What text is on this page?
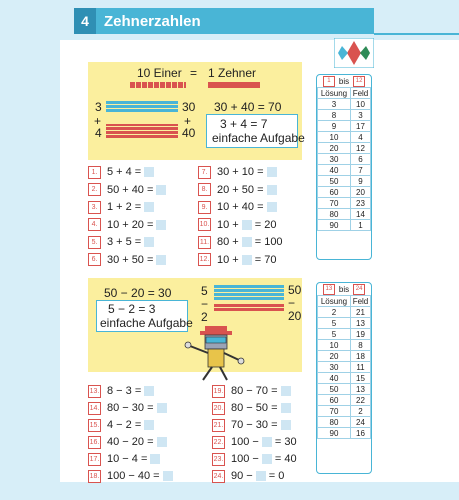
4	Zehnerzahlen
10 Einer = 1 Zehner
3
+
4
30
+
40
30 + 40 = 70
3 + 4 = 7
einfache Aufgabe
1. 5 + 4 =
2. 50 + 40 =
3. 1 + 2 =
4. 10 + 20 =
5. 3 + 5 =
6. 30 + 50 =
7. 30 + 10 =
8. 20 + 50 =
9. 10 + 40 =
10. 10 + = 20
11. 80 + = 100
12. 10 + = 70
50 − 20 = 30
5 − 2 = 3
einfache Aufgabe
5
−
2
50
−
20
13. 8 − 3 =
14. 80 − 30 =
15. 4 − 2 =
16. 40 − 20 =
17. 10 − 4 =
18. 100 − 40 =
19. 80 − 70 =
20. 80 − 50 =
21. 70 − 30 =
22. 100 − = 30
23. 100 − = 40
24. 90 − = 0
1	bis	12
Lösung	Feld
3	10
8	3
9	17
10	4
20	12
30	6
40	7
50	9
60	20
70	23
80	14
90	1
13 bis	24
Lösung	Feld
2	21
5	13
5	19
10	8
20	18
30	11
40	15
50	13
60	22
70	2
80	24
90	16
